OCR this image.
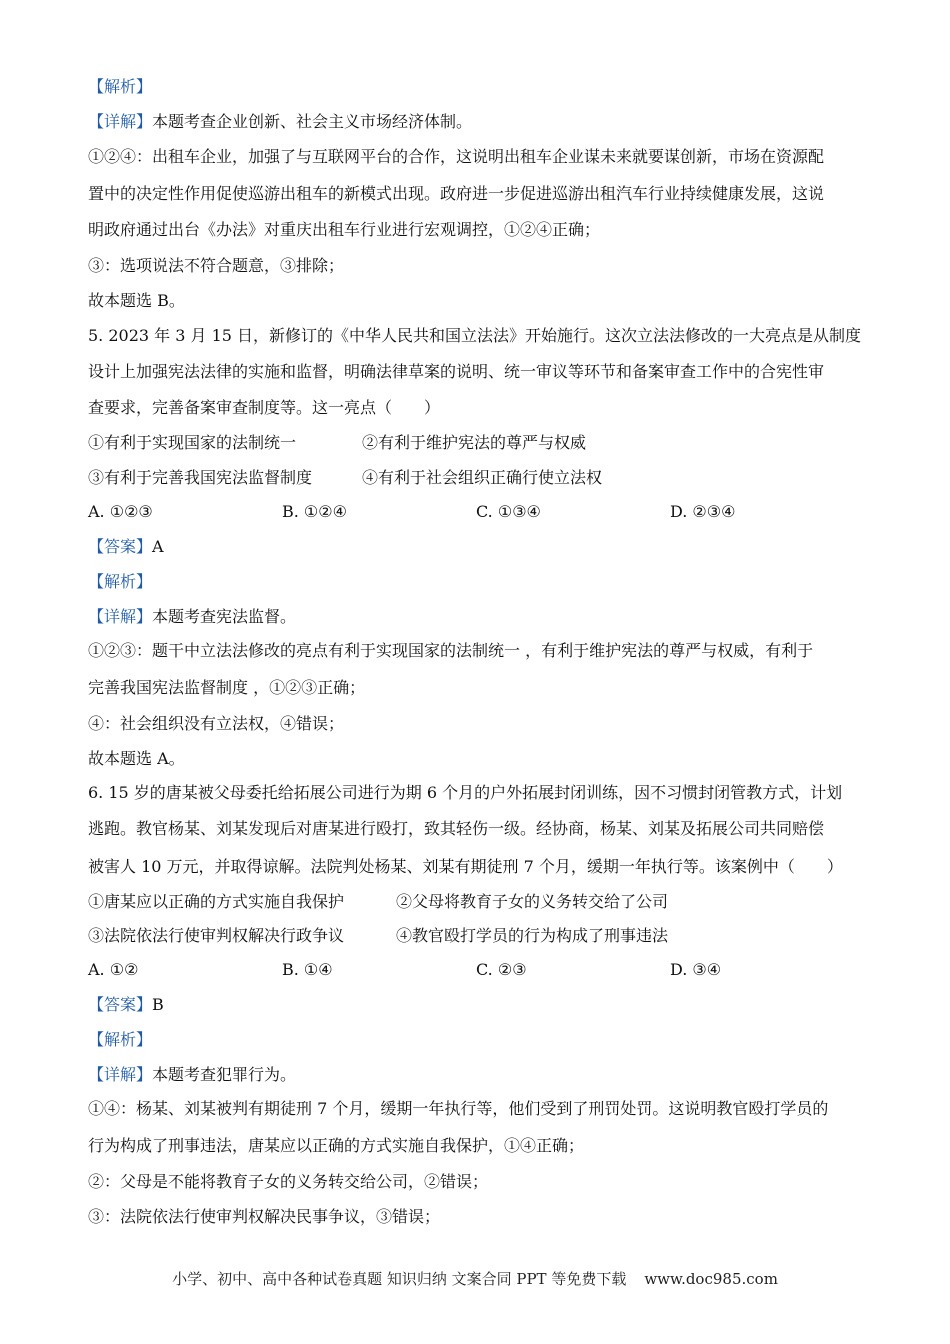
【解析】
【详解】本题考查企业创新、社会主义市场经济体制。
①②④：出租车企业，加强了与互联网平台的合作，这说明出租车企业谋未来就要谋创新，市场在资源配
置中的决定性作用促使巡游出租车的新模式出现。政府进一步促进巡游出租汽车行业持续健康发展，这说
明政府通过出台《办法》对重庆出租车行业进行宏观调控，①②④正确；
③：选项说法不符合题意，③排除；
故本题选 B。
5. 2023 年 3 月 15 日，新修订的《中华人民共和国立法法》开始施行。这次立法法修改的一大亮点是从制度
设计上加强宪法法律的实施和监督，明确法律草案的说明、统一审议等环节和备案审查工作中的合宪性审
查要求，完善备案审查制度等。这一亮点（　　）
①有利于实现国家的法制统一	②有利于维护宪法的尊严与权威
③有利于完善我国宪法监督制度	④有利于社会组织正确行使立法权
A. ①②③	B. ①②④	C. ①③④	D. ②③④
【答案】A
【解析】
【详解】本题考查宪法监督。
①②③：题干中立法法修改的亮点有利于实现国家的法制统一 ，有利于维护宪法的尊严与权威，有利于
完善我国宪法监督制度 ，①②③正确；
④：社会组织没有立法权，④错误；
故本题选 A。
6. 15 岁的唐某被父母委托给拓展公司进行为期 6 个月的户外拓展封闭训练，因不习惯封闭管教方式，计划
逃跑。教官杨某、刘某发现后对唐某进行殴打，致其轻伤一级。经协商，杨某、刘某及拓展公司共同赔偿
被害人 10 万元，并取得谅解。法院判处杨某、刘某有期徒刑 7 个月，缓期一年执行等。该案例中（　　）
①唐某应以正确的方式实施自我保护	②父母将教育子女的义务转交给了公司
③法院依法行使审判权解决行政争议	④教官殴打学员的行为构成了刑事违法
A. ①②	B. ①④	C. ②③	D. ③④
【答案】B
【解析】
【详解】本题考查犯罪行为。
①④：杨某、刘某被判有期徒刑 7 个月，缓期一年执行等，他们受到了刑罚处罚。这说明教官殴打学员的
行为构成了刑事违法，唐某应以正确的方式实施自我保护，①④正确；
②：父母是不能将教育子女的义务转交给公司，②错误；
③：法院依法行使审判权解决民事争议，③错误；
小学、初中、高中各种试卷真题 知识归纳 文案合同 PPT 等免费下载 www.doc985.com
